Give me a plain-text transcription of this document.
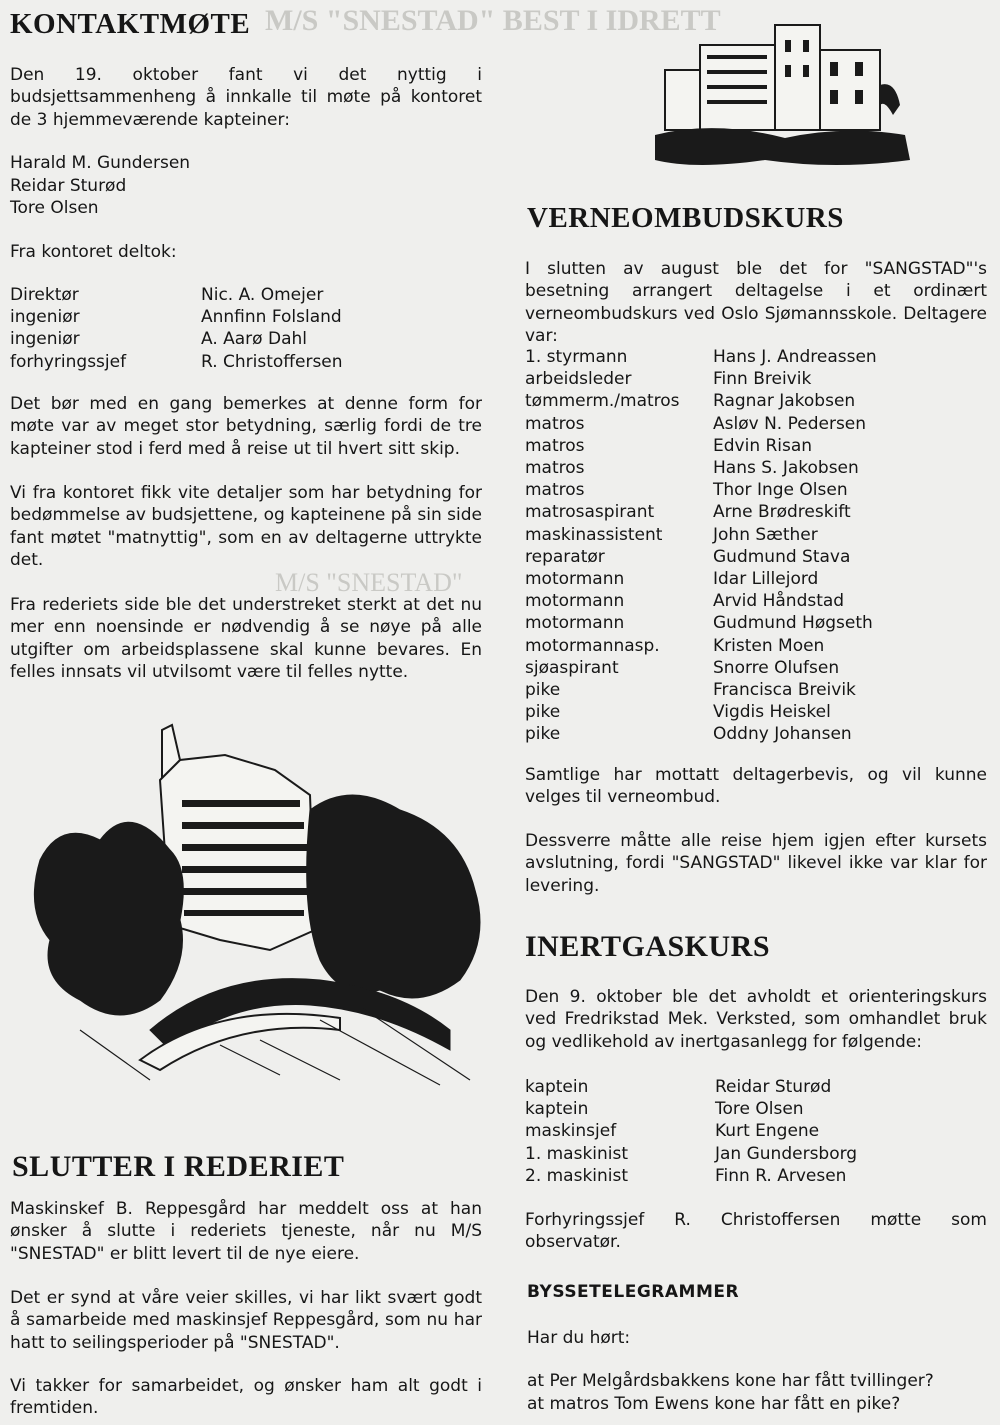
M/S "SNESTAD" BEST I IDRETT
M/S "SNESTAD"
KONTAKTMØTE

Den 19. oktober fant vi det nyttig i budsjettsammenheng å innkalle til møte på kontoret de 3 hjemmeværende kapteiner:

Harald M. Gundersen
Reidar Sturød
Tore Olsen
Fra kontoret deltok:
Direktør	Nic. A. Omejer
ingeniør	Annfinn Folsland
ingeniør	A. Aarø Dahl
forhyringssjef	R. Christoffersen

Det bør med en gang bemerkes at denne form for møte var av meget stor betydning, særlig fordi de tre kapteiner stod i ferd med å reise ut til hvert sitt skip.

Vi fra kontoret fikk vite detaljer som har betydning for bedømmelse av budsjettene, og kapteinene på sin side fant møtet "matnyttig", som en av deltagerne uttrykte det.

Fra rederiets side ble det understreket sterkt at det nu mer enn noensinde er nødvendig å se nøye på alle utgifter om arbeidsplassene skal kunne bevares. En felles innsats vil utvilsomt være til felles nytte.

SLUTTER I REDERIET

Maskinskef B. Reppesgård har meddelt oss at han ønsker å slutte i rederiets tjeneste, når nu M/S "SNESTAD" er blitt levert til de nye eiere.

Det er synd at våre veier skilles, vi har likt svært godt å samarbeide med maskinsjef Reppesgård, som nu har hatt to seilingsperioder på "SNESTAD".

Vi takker for samarbeidet, og ønsker ham alt godt i fremtiden.

VERNEOMBUDSKURS

I slutten av august ble det for "SANGSTAD"'s besetning arrangert deltagelse i et ordinært verneombudskurs ved Oslo Sjømannsskole. Deltagere var:

1. styrmann	Hans J. Andreassen
arbeidsleder	Finn Breivik
tømmerm./matros	Ragnar Jakobsen
matros	Asløv N. Pedersen
matros	Edvin Risan
matros	Hans S. Jakobsen
matros	Thor Inge Olsen
matrosaspirant	Arne Brødreskift
maskinassistent	John Sæther
reparatør	Gudmund Stava
motormann	Idar Lillejord
motormann	Arvid Håndstad
motormann	Gudmund Høgseth
motormannasp.	Kristen Moen
sjøaspirant	Snorre Olufsen
pike	Francisca Breivik
pike	Vigdis Heiskel
pike	Oddny Johansen

Samtlige har mottatt deltagerbevis, og vil kunne velges til verneombud.

Dessverre måtte alle reise hjem igjen efter kursets avslutning, fordi "SANGSTAD" likevel ikke var klar for levering.

INERTGASKURS

Den 9. oktober ble det avholdt et orienteringskurs ved Fredrikstad Mek. Verksted, som omhandlet bruk og vedlikehold av inertgasanlegg for følgende:

kaptein	Reidar Sturød
kaptein	Tore Olsen
maskinsjef	Kurt Engene
1. maskinist	Jan Gundersborg
2. maskinist	Finn R. Arvesen

Forhyringssjef R. Christoffersen møtte som observatør.

BYSSETELEGRAMMER
Har du hørt:
at Per Melgårdsbakkens kone har fått tvillinger?
at matros Tom Ewens kone har fått en pike?
